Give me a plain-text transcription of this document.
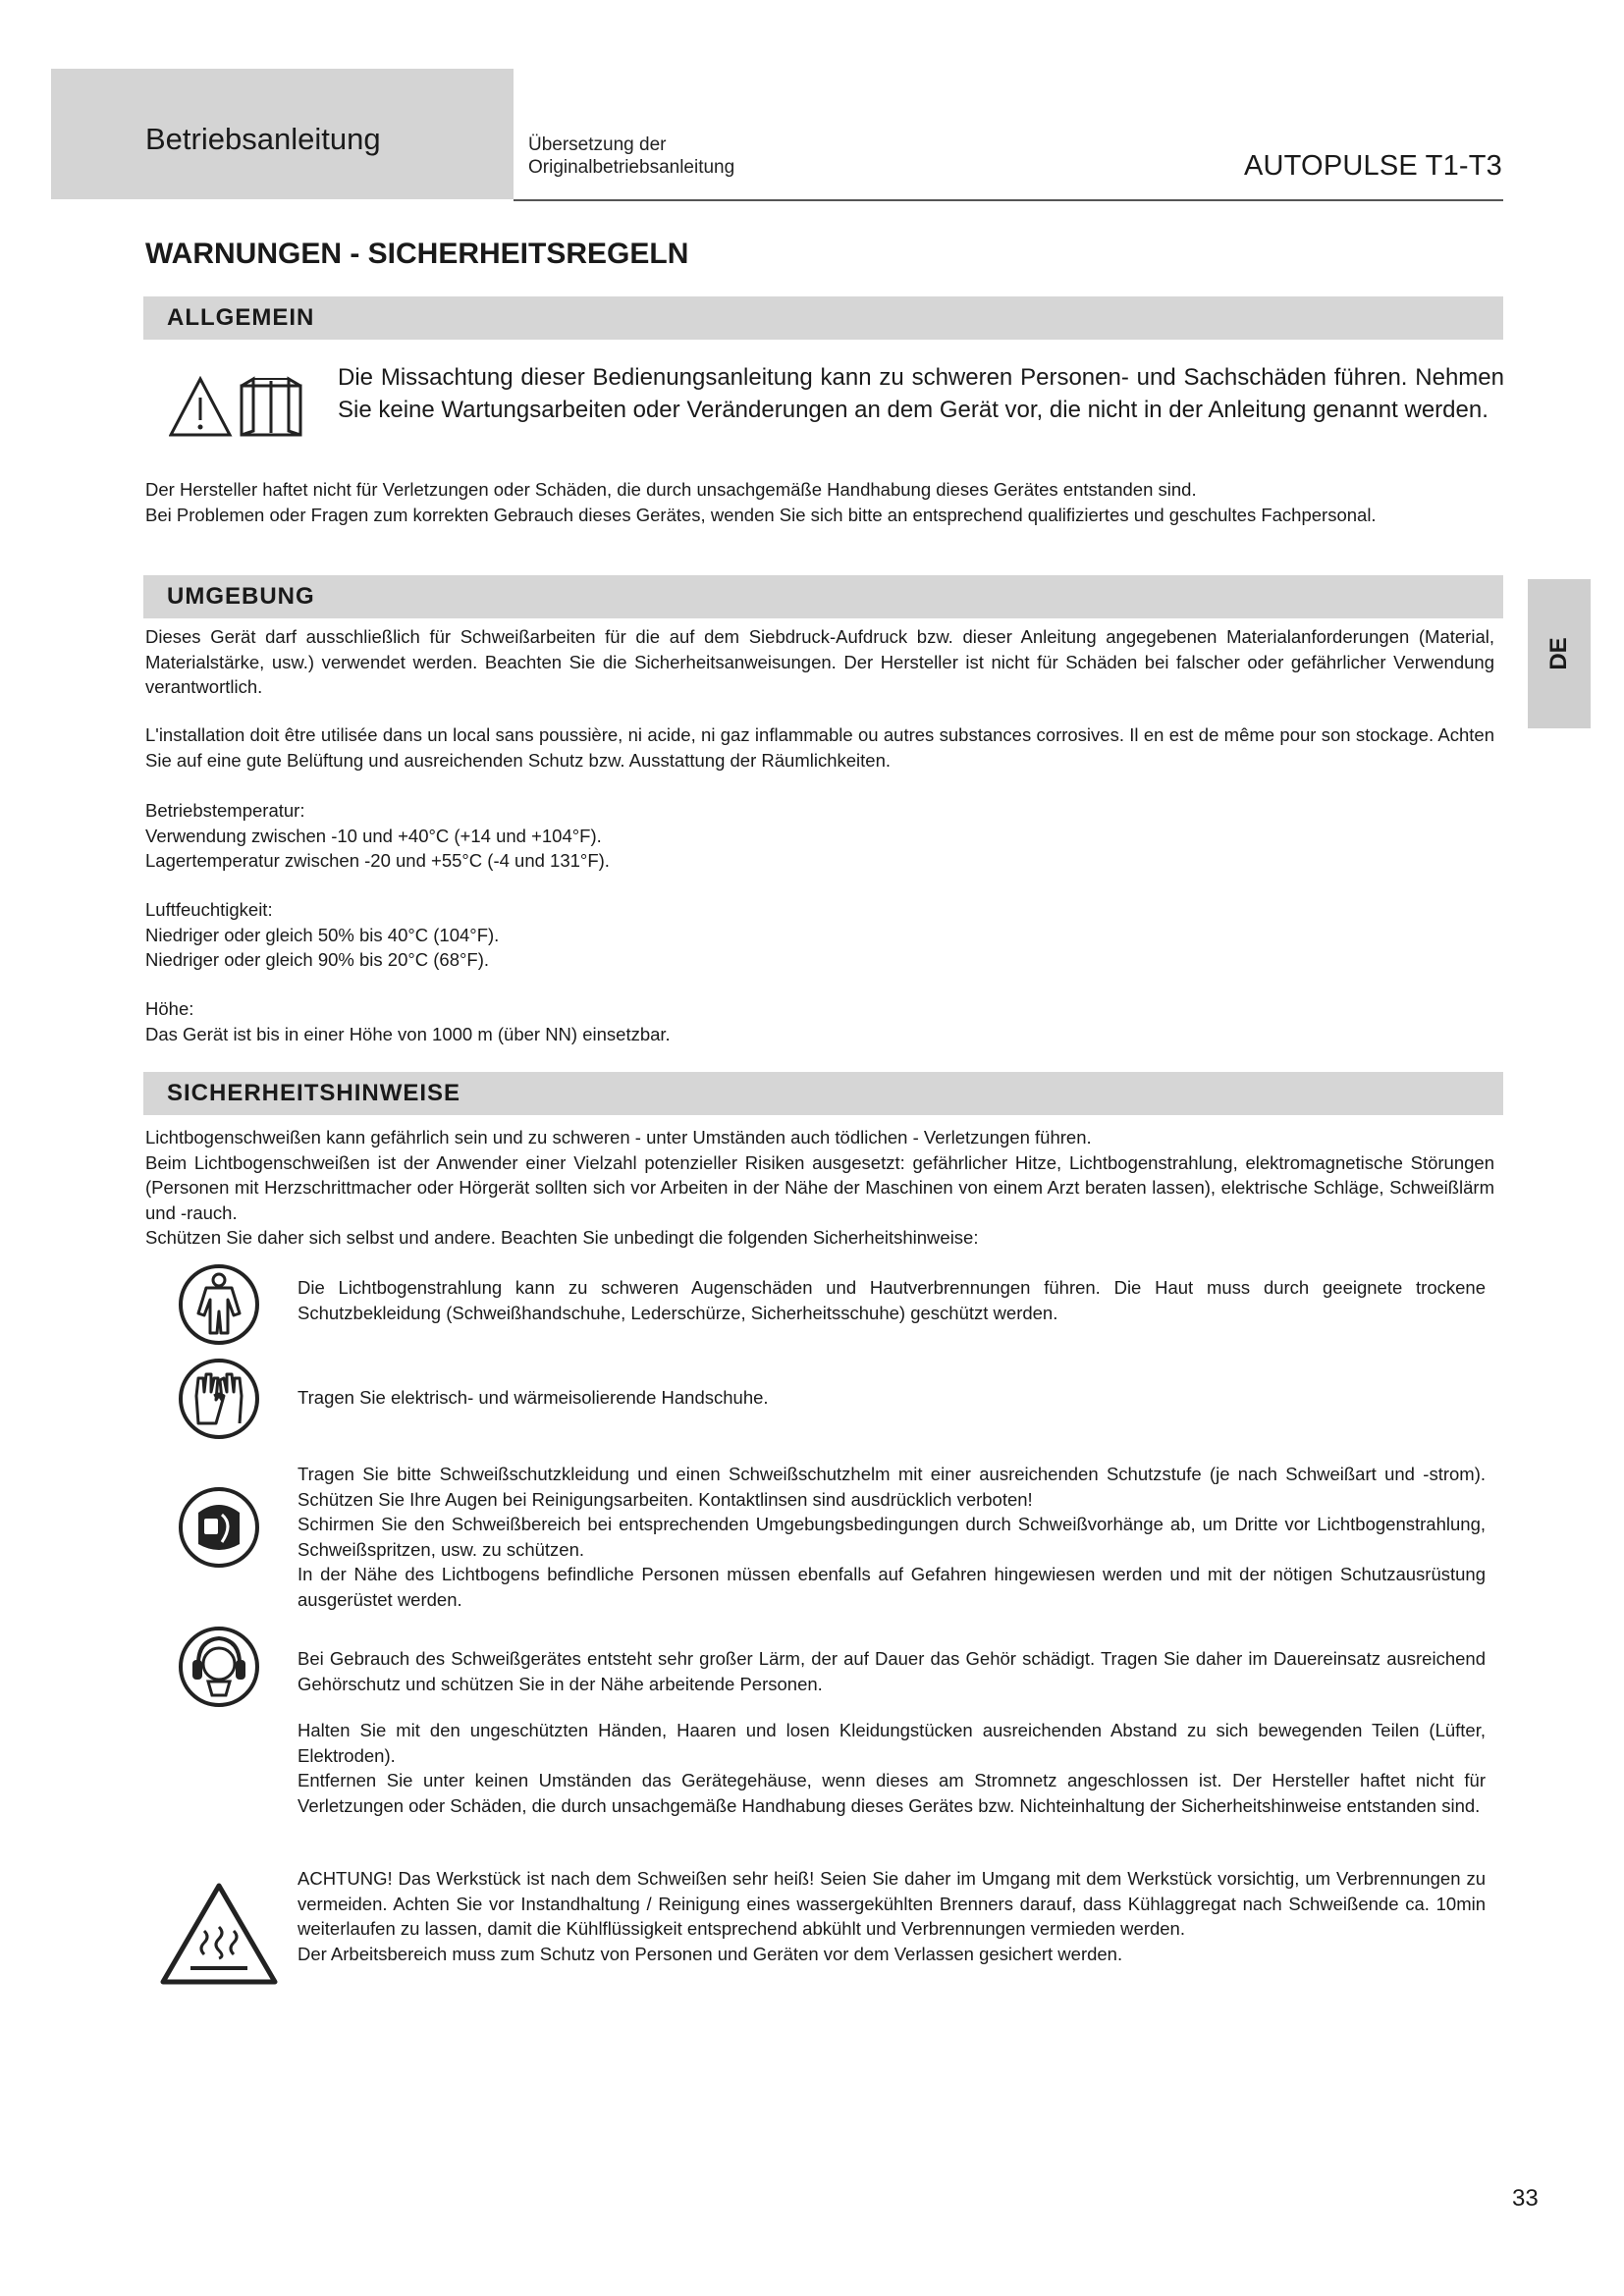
Betriebsanleitung	Übersetzung der
Originalbetriebsanleitung	AUTOPULSE T1-T3
WARNUNGEN - SICHERHEITSREGELN
DE
ALLGEMEIN
Die Missachtung dieser Bedienungsanleitung kann zu schweren Personen- und Sachschäden führen. Nehmen Sie keine Wartungsarbeiten oder Veränderungen an dem Gerät vor, die nicht in der Anleitung genannt werden.
Der Hersteller haftet nicht für Verletzungen oder Schäden, die durch unsachgemäße Handhabung dieses Gerätes entstanden sind.
Bei Problemen oder Fragen zum korrekten Gebrauch dieses Gerätes, wenden Sie sich bitte an entsprechend qualifiziertes und geschultes Fachpersonal.
UMGEBUNG
Dieses Gerät darf ausschließlich für Schweißarbeiten für die auf dem Siebdruck-Aufdruck bzw. dieser Anleitung angegebenen Materialanforderungen (Material, Materialstärke, usw.) verwendet werden. Beachten Sie die Sicherheitsanweisungen. Der Hersteller ist nicht für Schäden bei falscher oder gefährlicher Verwendung verantwortlich.
L'installation doit être utilisée dans un local sans poussière, ni acide, ni gaz inflammable ou autres substances corrosives. Il en est de même pour son stockage. Achten Sie auf eine gute Belüftung und ausreichenden Schutz bzw. Ausstattung der Räumlichkeiten.
Betriebstemperatur:
Verwendung zwischen -10 und +40°C (+14 und +104°F).
Lagertemperatur zwischen -20 und +55°C (-4 und 131°F).
Luftfeuchtigkeit:
Niedriger oder gleich 50% bis 40°C (104°F).
Niedriger oder gleich 90% bis 20°C (68°F).
Höhe:
Das Gerät ist bis in einer Höhe von 1000 m (über NN) einsetzbar.
SICHERHEITSHINWEISE
Lichtbogenschweißen kann gefährlich sein und zu schweren - unter Umständen auch tödlichen - Verletzungen führen.
Beim Lichtbogenschweißen ist der Anwender einer Vielzahl potenzieller Risiken ausgesetzt: gefährlicher Hitze, Lichtbogenstrahlung, elektromagnetische Störungen (Personen mit Herzschrittmacher oder Hörgerät sollten sich vor Arbeiten in der Nähe der Maschinen von einem Arzt beraten lassen), elektrische Schläge, Schweißlärm und -rauch.
Schützen Sie daher sich selbst und andere. Beachten Sie unbedingt die folgenden Sicherheitshinweise:
Die Lichtbogenstrahlung kann zu schweren Augenschäden und Hautverbrennungen führen. Die Haut muss durch geeignete trockene Schutzbekleidung (Schweißhandschuhe, Lederschürze, Sicherheitsschuhe) geschützt werden.
Tragen Sie elektrisch- und wärmeisolierende Handschuhe.
Tragen Sie bitte Schweißschutzkleidung und einen Schweißschutzhelm mit einer ausreichenden Schutzstufe (je nach Schweißart und -strom). Schützen Sie Ihre Augen bei Reinigungsarbeiten. Kontaktlinsen sind ausdrücklich verboten!
Schirmen Sie den Schweißbereich bei entsprechenden Umgebungsbedingungen durch Schweißvorhänge ab, um Dritte vor Lichtbogenstrahlung, Schweißspritzen, usw. zu schützen.
In der Nähe des Lichtbogens befindliche Personen müssen ebenfalls auf Gefahren hingewiesen werden und mit der nötigen Schutzausrüstung ausgerüstet werden.
Bei Gebrauch des Schweißgerätes entsteht sehr großer Lärm, der auf Dauer das Gehör schädigt. Tragen Sie daher im Dauereinsatz ausreichend Gehörschutz und schützen Sie in der Nähe arbeitende Personen.
Halten Sie mit den ungeschützten Händen, Haaren und losen Kleidungstücken ausreichenden Abstand zu sich bewegenden Teilen (Lüfter, Elektroden).
Entfernen Sie unter keinen Umständen das Gerätegehäuse, wenn dieses am Stromnetz angeschlossen ist. Der Hersteller haftet nicht für Verletzungen oder Schäden, die durch unsachgemäße Handhabung dieses Gerätes bzw. Nichteinhaltung der Sicherheitshinweise entstanden sind.
ACHTUNG! Das Werkstück ist nach dem Schweißen sehr heiß! Seien Sie daher im Umgang mit dem Werkstück vorsichtig, um Verbrennungen zu vermeiden. Achten Sie vor Instandhaltung / Reinigung eines wassergekühlten Brenners darauf, dass Kühlaggregat nach Schweißende ca. 10min weiterlaufen zu lassen, damit die Kühlflüssigkeit entsprechend abkühlt und Verbrennungen vermieden werden.
Der Arbeitsbereich muss zum Schutz von Personen und Geräten vor dem Verlassen gesichert werden.
33
